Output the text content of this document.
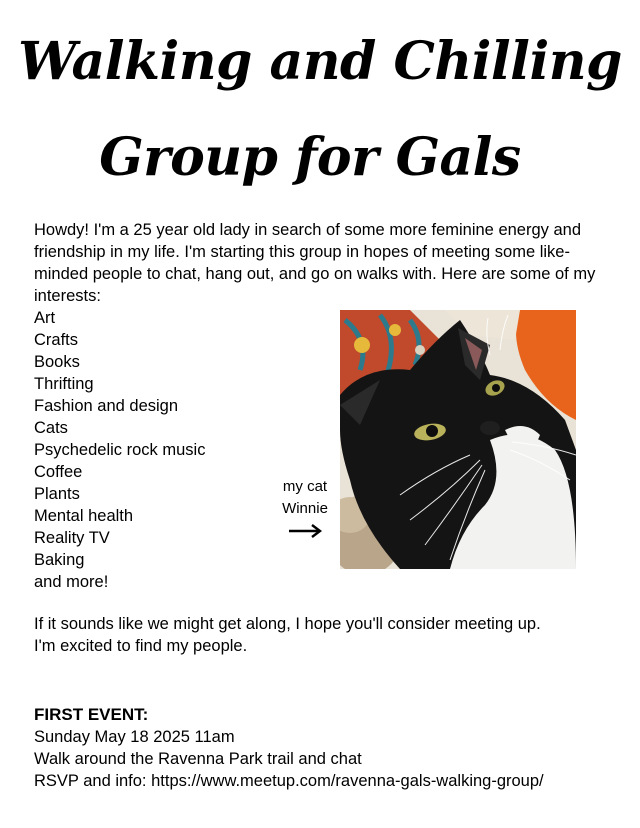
Walking and Chilling
Group for Gals

Howdy! I'm a 25 year old lady in search of some more feminine energy and friendship in my life. I'm starting this group in hopes of meeting some like-minded people to chat, hang out, and go on walks with. Here are some of my interests:

Art
Crafts
Books
Thrifting
Fashion and design
Cats
Psychedelic rock music
Coffee
Plants
Mental health
Reality TV
Baking
and more!
my cat
Winnie
If it sounds like we might get along, I hope you'll consider meeting up.
I'm excited to find my people.
FIRST EVENT:
Sunday May 18 2025 11am
Walk around the Ravenna Park trail and chat
RSVP and info: https://www.meetup.com/ravenna-gals-walking-group/
